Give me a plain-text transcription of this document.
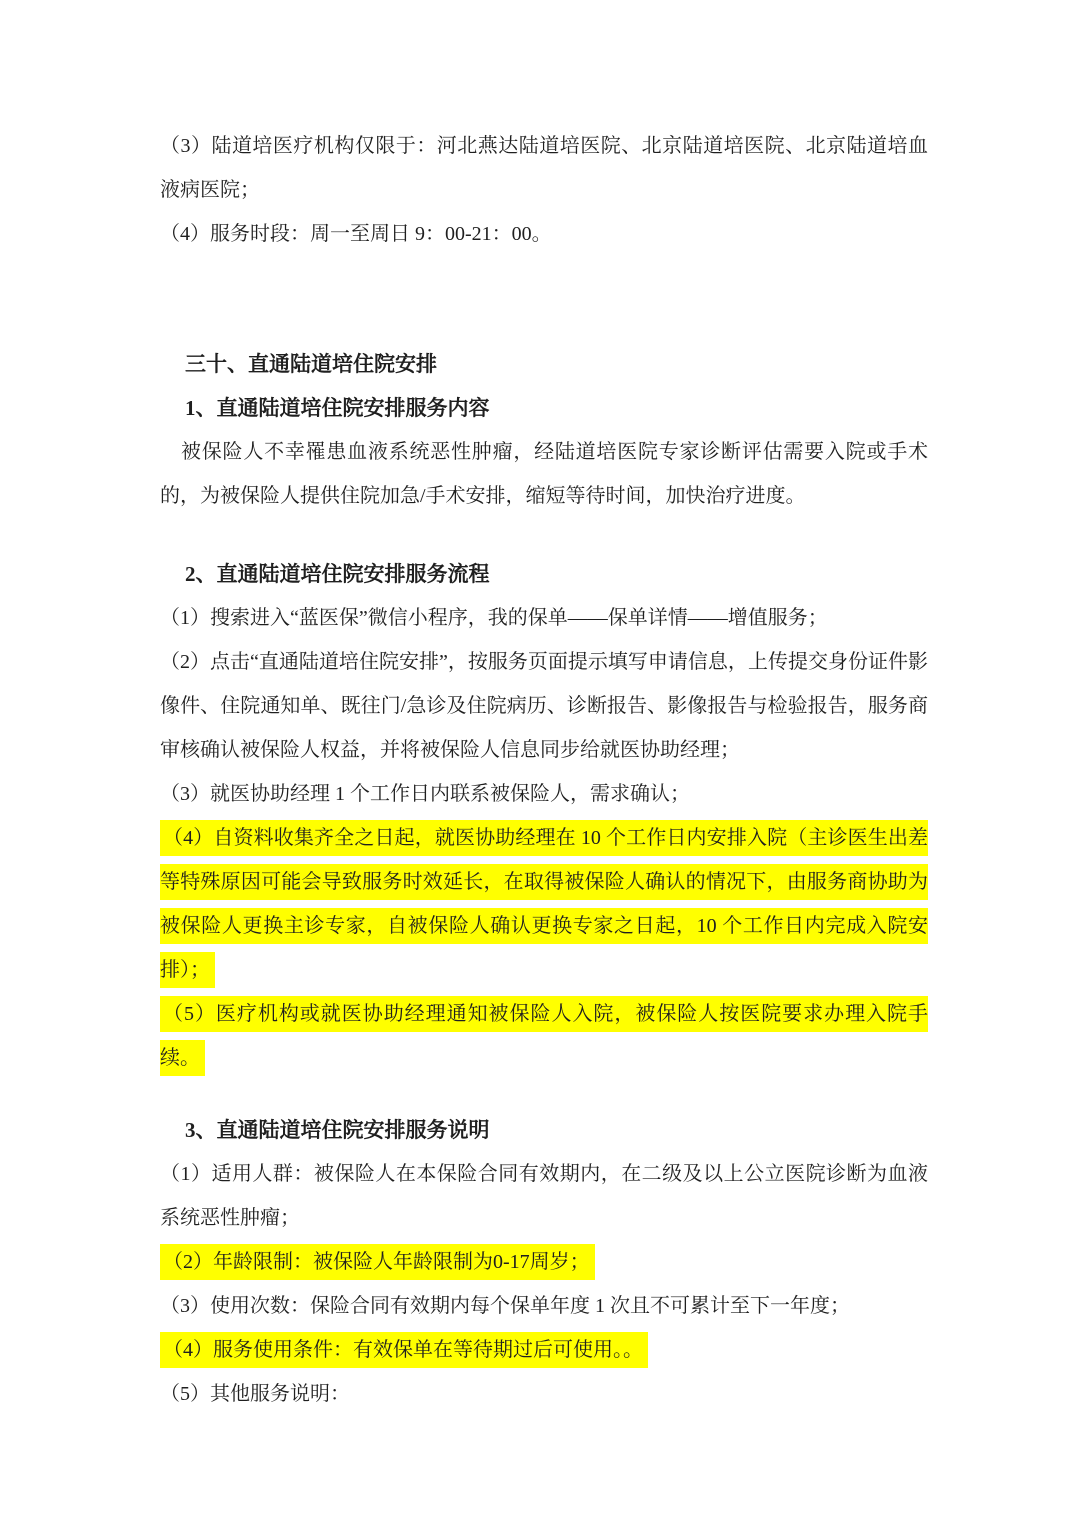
（3）陆道培医疗机构仅限于：河北燕达陆道培医院、北京陆道培医院、北京陆道培血液病医院；

（4）服务时段：周一至周日 9：00-21：00。

三十、直通陆道培住院安排

1、直通陆道培住院安排服务内容

被保险人不幸罹患血液系统恶性肿瘤，经陆道培医院专家诊断评估需要入院或手术的，为被保险人提供住院加急/手术安排，缩短等待时间，加快治疗进度。

2、直通陆道培住院安排服务流程

（1）搜索进入“蓝医保”微信小程序，我的保单——保单详情——增值服务；

（2）点击“直通陆道培住院安排”，按服务页面提示填写申请信息，上传提交身份证件影像件、住院通知单、既往门/急诊及住院病历、诊断报告、影像报告与检验报告，服务商审核确认被保险人权益，并将被保险人信息同步给就医协助经理；

（3）就医协助经理 1 个工作日内联系被保险人，需求确认；

（4）自资料收集齐全之日起，就医协助经理在 10 个工作日内安排入院（主诊医生出差等特殊原因可能会导致服务时效延长，在取得被保险人确认的情况下，由服务商协助为被保险人更换主诊专家，自被保险人确认更换专家之日起，10 个工作日内完成入院安排）；

（5）医疗机构或就医协助经理通知被保险人入院，被保险人按医院要求办理入院手续。

3、直通陆道培住院安排服务说明

（1）适用人群：被保险人在本保险合同有效期内，在二级及以上公立医院诊断为血液系统恶性肿瘤；

（2）年龄限制：被保险人年龄限制为0-17周岁；

（3）使用次数：保险合同有效期内每个保单年度 1 次且不可累计至下一年度；

（4）服务使用条件：有效保单在等待期过后可使用。。

（5）其他服务说明：
